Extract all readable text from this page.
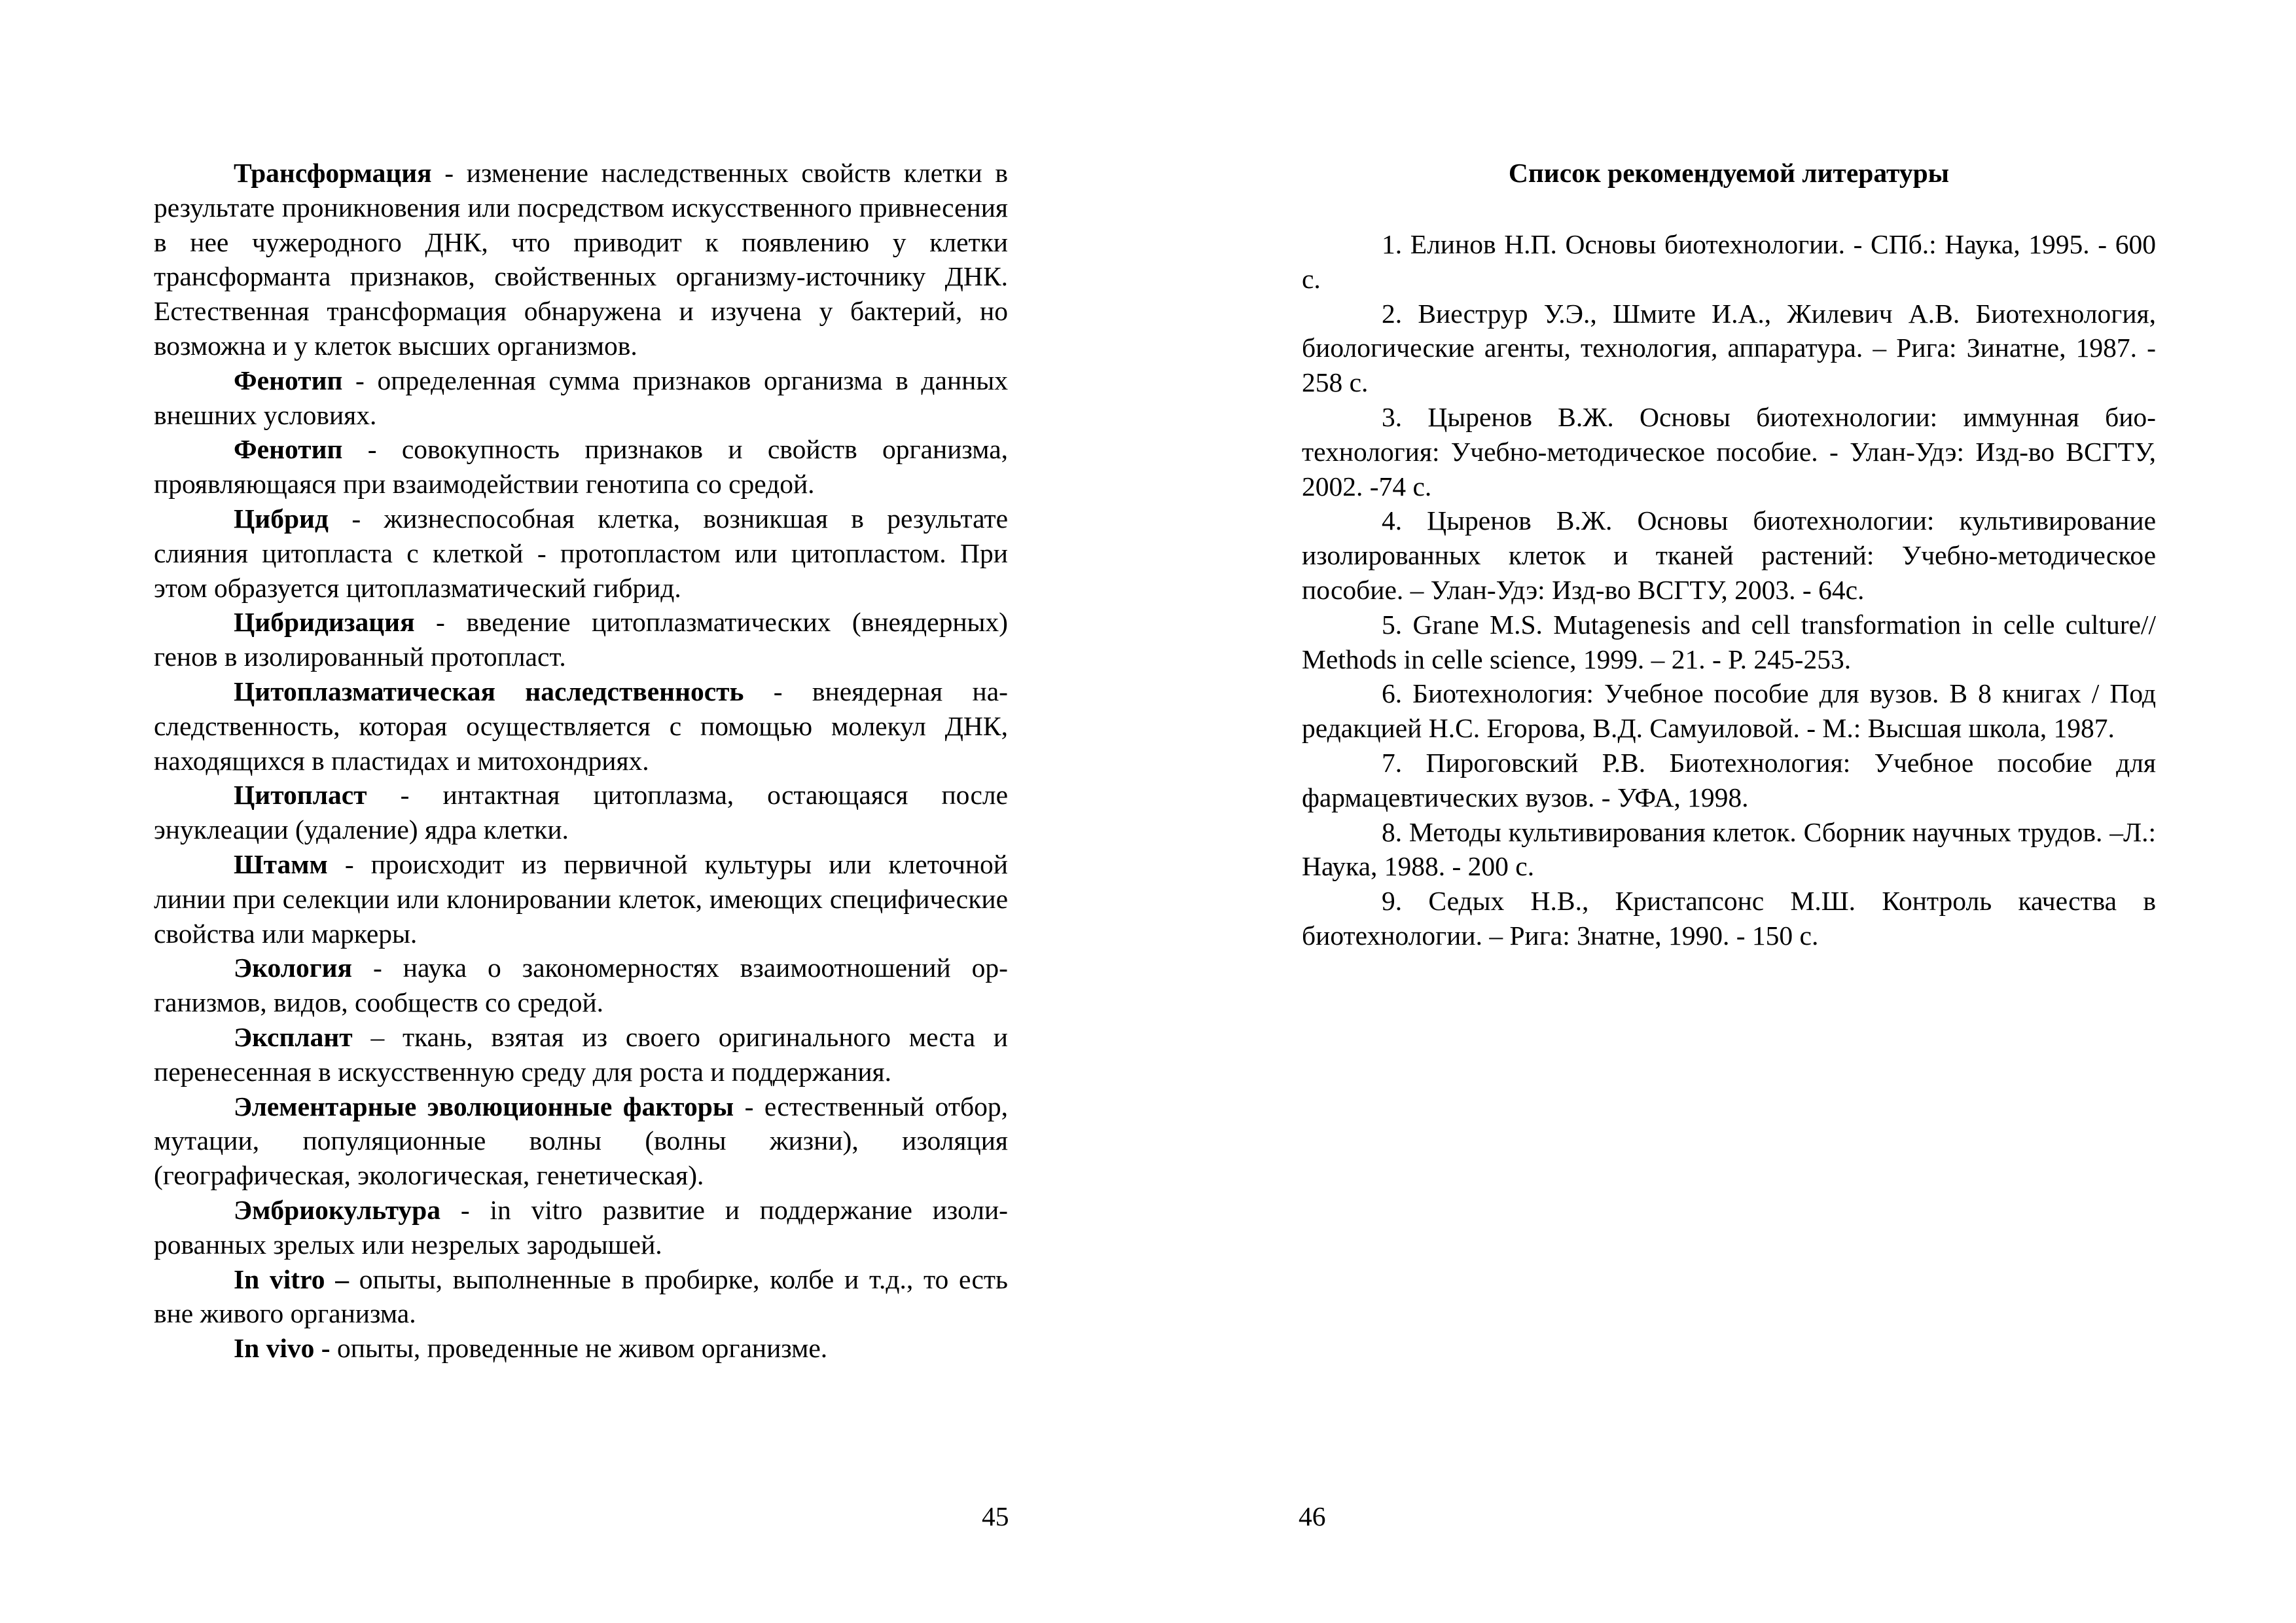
Трансформация - изменение наследственных свойств клетки в результате проникновения или посредством искусственного привнесения в нее чужеродного ДНК, что приводит к появлению у клетки трансформанта признаков, свойственных организму-источнику ДНК. Естественная трансформация обнаружена и изучена у бактерий, но возможна и у клеток высших организмов.

Фенотип - определенная сумма признаков организма в данных внешних условиях.

Фенотип - совокупность признаков и свойств организма, проявляющаяся при взаимодействии генотипа со средой.

Цибрид - жизнеспособная клетка, возникшая в результате слияния цитопласта с клеткой - протопластом или цитопластом. При этом образуется цитоплазматический гибрид.

Цибридизация - введение цитоплазматических (внеядерных) генов в изолированный протопласт.

Цитоплазматическая наследственность - внеядерная наследственность, которая осуществляется с помощью молекул ДНК, находящихся в пластидах и митохондриях.

Цитопласт - интактная цитоплазма, остающаяся после энуклеации (удаление) ядра клетки.

Штамм - происходит из первичной культуры или клеточной линии при селекции или клонировании клеток, имеющих специфические свойства или маркеры.

Экология - наука о закономерностях взаимоотношений организмов, видов, сообществ со средой.

Эксплант – ткань, взятая из своего оригинального места и перенесенная в искусственную среду для роста и поддержания.

Элементарные эволюционные факторы - естественный отбор, мутации, популяционные волны (волны жизни), изоляция (географическая, экологическая, генетическая).

Эмбриокультура - in vitro развитие и поддержание изолированных зрелых или незрелых зародышей.

In vitro – опыты, выполненные в пробирке, колбе и т.д., то есть вне живого организма.

In vivo - опыты, проведенные не живом организме.

45
Список рекомендуемой литературы

1. Елинов Н.П. Основы биотехнологии. - СПб.: Наука, 1995. - 600 с.

2. Виеструр У.Э., Шмите И.А., Жилевич А.В. Биотехнология, биологические агенты, технология, аппаратура. – Рига: Зинатне, 1987. - 258 с.

3. Цыренов В.Ж. Основы биотехнологии: иммунная биотехнология: Учебно-методическое пособие. - Улан-Удэ: Изд-во ВСГТУ, 2002. -74 с.

4. Цыренов В.Ж. Основы биотехнологии: культивирование изолированных клеток и тканей растений: Учебно-методическое пособие. – Улан-Удэ: Изд-во ВСГТУ, 2003. - 64с.

5. Grane M.S. Mutagenesis and cell transformation in celle culture// Methods in celle science, 1999. – 21. - P. 245-253.

6. Биотехнология: Учебное пособие для вузов. В 8 книгах / Под редакцией Н.С. Егорова, В.Д. Самуиловой. - М.: Высшая школа, 1987.

7. Пироговский Р.В. Биотехнология: Учебное пособие для фармацевтических вузов. - УФА, 1998.

8. Методы культивирования клеток. Сборник научных трудов. –Л.: Наука, 1988. - 200 с.

9. Седых Н.В., Кристапсонс М.Ш. Контроль качества в биотехнологии. – Рига: Знатне, 1990. - 150 с.

46
